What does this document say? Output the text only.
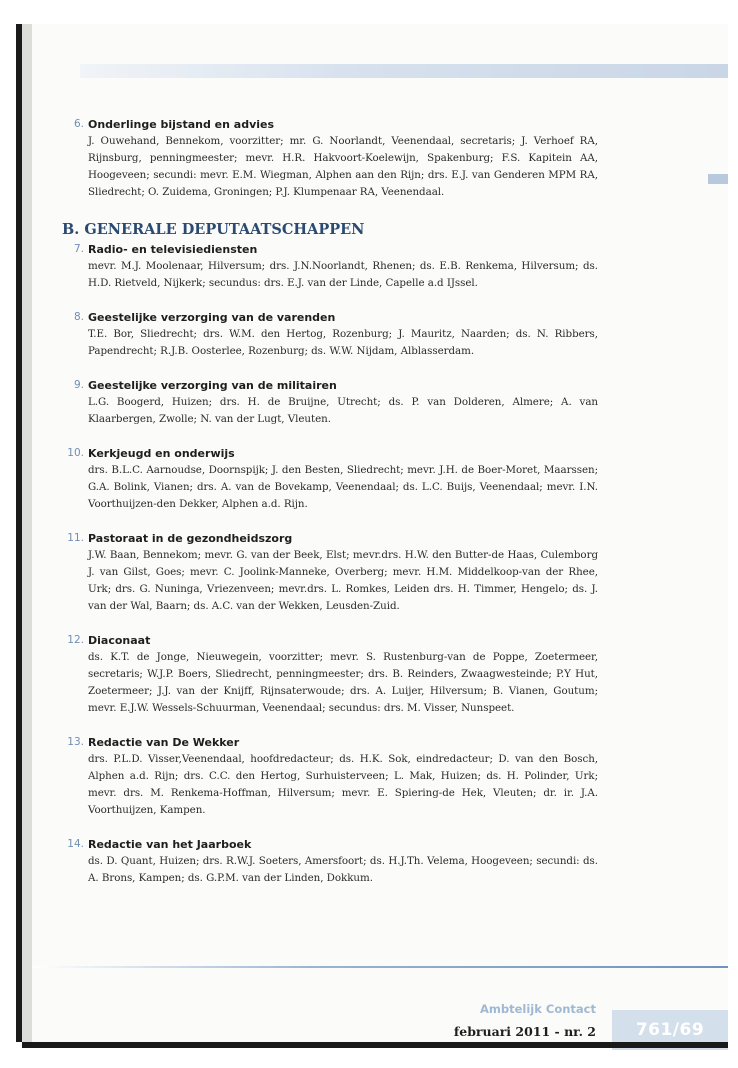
6. Onderlinge bijstand en advies
J. Ouwehand, Bennekom, voorzitter; mr. G. Noorlandt, Veenendaal, secretaris; J. Verhoef RA, Rijnsburg, penningmeester; mevr. H.R. Hakvoort-Koelewijn, Spakenburg; F.S. Kapitein AA, Hoogeveen; secundi: mevr. E.M. Wiegman, Alphen aan den Rijn; drs. E.J. van Genderen MPM RA, Sliedrecht; O. Zuidema, Groningen; P.J. Klumpenaar RA, Veenendaal.
B. GENERALE DEPUTAATSCHAPPEN
7. Radio- en televisiediensten
mevr. M.J. Moolenaar, Hilversum; drs. J.N.Noorlandt, Rhenen; ds. E.B. Renkema, Hilversum; ds. H.D. Rietveld, Nijkerk; secundus: drs. E.J. van der Linde, Capelle a.d IJssel.
8. Geestelijke verzorging van de varenden
T.E. Bor, Sliedrecht; drs. W.M. den Hertog, Rozenburg; J. Mauritz, Naarden; ds. N. Ribbers, Papendrecht; R.J.B. Oosterlee, Rozenburg; ds. W.W. Nijdam, Alblasserdam.
9. Geestelijke verzorging van de militairen
L.G. Boogerd, Huizen; drs. H. de Bruijne, Utrecht; ds. P. van Dolderen, Almere; A. van Klaarbergen, Zwolle; N. van der Lugt, Vleuten.
10. Kerkjeugd en onderwijs
drs. B.L.C. Aarnoudse, Doornspijk; J. den Besten, Sliedrecht; mevr. J.H. de Boer-Moret, Maarssen; G.A. Bolink, Vianen; drs. A. van de Bovekamp, Veenendaal; ds. L.C. Buijs, Veenendaal; mevr. I.N. Voorthuijzen-den Dekker, Alphen a.d. Rijn.
11. Pastoraat in de gezondheidszorg
J.W. Baan, Bennekom; mevr. G. van der Beek, Elst; mevr.drs. H.W. den Butter-de Haas, Culemborg J. van Gilst, Goes; mevr. C. Joolink-Manneke, Overberg; mevr. H.M. Middelkoop-van der Rhee, Urk; drs. G. Nuninga, Vriezenveen; mevr.drs. L. Romkes, Leiden drs. H. Timmer, Hengelo; ds. J. van der Wal, Baarn; ds. A.C. van der Wekken, Leusden-Zuid.
12. Diaconaat
ds. K.T. de Jonge, Nieuwegein, voorzitter; mevr. S. Rustenburg-van de Poppe, Zoetermeer, secretaris; W.J.P. Boers, Sliedrecht, penningmeester; drs. B. Reinders, Zwaagwesteinde; P.Y Hut, Zoetermeer; J.J. van der Knijff, Rijnsaterwoude; drs. A. Luijer, Hilversum; B. Vianen, Goutum; mevr. E.J.W. Wessels-Schuurman, Veenendaal; secundus: drs. M. Visser, Nunspeet.
13. Redactie van De Wekker
drs. P.L.D. Visser,Veenendaal, hoofdredacteur; ds. H.K. Sok, eindredacteur; D. van den Bosch, Alphen a.d. Rijn; drs. C.C. den Hertog, Surhuisterveen; L. Mak, Huizen; ds. H. Polinder, Urk; mevr. drs. M. Renkema-Hoffman, Hilversum; mevr. E. Spiering-de Hek, Vleuten; dr. ir. J.A. Voorthuijzen, Kampen.
14. Redactie van het Jaarboek
ds. D. Quant, Huizen; drs. R.W.J. Soeters, Amersfoort; ds. H.J.Th. Velema, Hoogeveen; secundi: ds. A. Brons, Kampen; ds. G.P.M. van der Linden, Dokkum.
Ambtelijk Contact
februari 2011 - nr. 2	761/69
